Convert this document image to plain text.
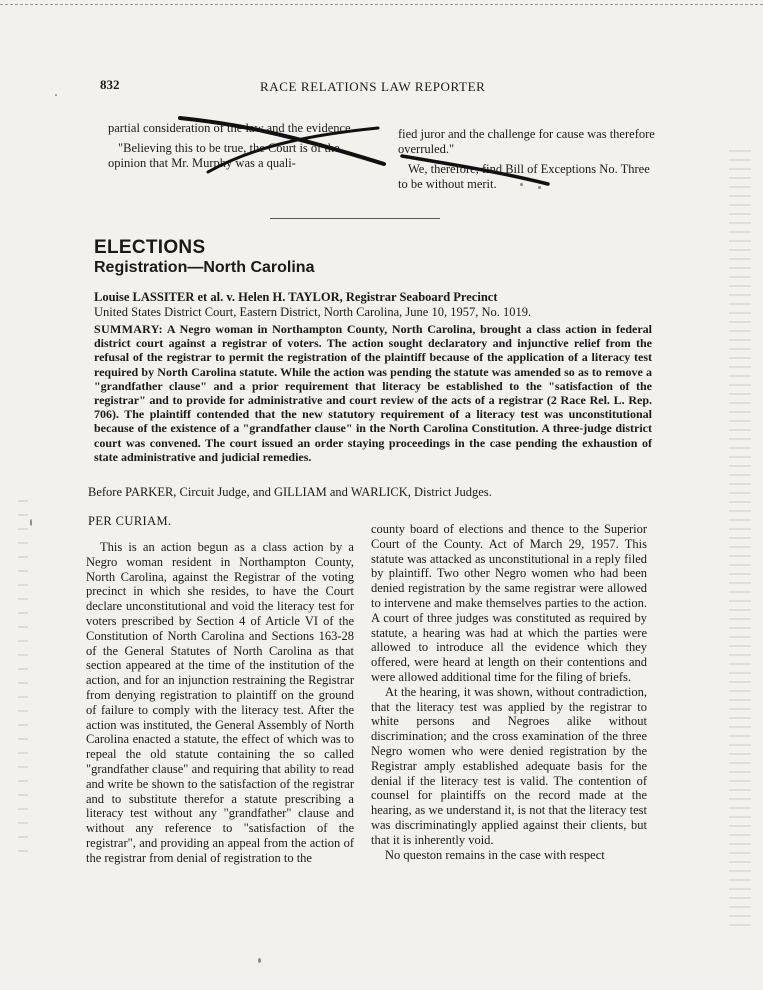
832	RACE RELATIONS LAW REPORTER

partial consideration of the law and the evidence.

"Believing this to be true, the Court is of the opinion that Mr. Murphy was a quali-

fied juror and the challenge for cause was therefore overruled."

We, therefore, find Bill of Exceptions No. Three to be without merit.

ELECTIONS
Registration—North Carolina
Louise LASSITER et al. v. Helen H. TAYLOR, Registrar Seaboard Precinct
United States District Court, Eastern District, North Carolina, June 10, 1957, No. 1019.
SUMMARY: A Negro woman in Northampton County, North Carolina, brought a class action in federal district court against a registrar of voters. The action sought declaratory and injunctive relief from the refusal of the registrar to permit the registration of the plaintiff because of the application of a literacy test required by North Carolina statute. While the action was pending the statute was amended so as to remove a "grandfather clause" and a prior requirement that literacy be established to the "satisfaction of the registrar" and to provide for administrative and court review of the acts of a registrar (2 Race Rel. L. Rep. 706). The plaintiff contended that the new statutory requirement of a literacy test was unconstitutional because of the existence of a "grandfather clause" in the North Carolina Constitution. A three-judge district court was convened. The court issued an order staying proceedings in the case pending the exhaustion of state administrative and judicial remedies.
Before PARKER, Circuit Judge, and GILLIAM and WARLICK, District Judges.
PER CURIAM.

This is an action begun as a class action by a Negro woman resident in Northampton County, North Carolina, against the Registrar of the voting precinct in which she resides, to have the Court declare unconstitutional and void the literacy test for voters prescribed by Section 4 of Article VI of the Constitution of North Carolina and Sections 163-28 of the General Statutes of North Carolina as that section appeared at the time of the institution of the action, and for an injunction restraining the Registrar from denying registration to plaintiff on the ground of failure to comply with the literacy test. After the action was instituted, the General Assembly of North Carolina enacted a statute, the effect of which was to repeal the old statute containing the so called "grandfather clause" and requiring that ability to read and write be shown to the satisfaction of the registrar and to substitute therefor a statute prescribing a literacy test without any "grandfather" clause and without any reference to "satisfaction of the registrar", and providing an appeal from the action of the registrar from denial of registration to the

county board of elections and thence to the Superior Court of the County. Act of March 29, 1957. This statute was attacked as unconstitutional in a reply filed by plaintiff. Two other Negro women who had been denied registration by the same registrar were allowed to intervene and make themselves parties to the action. A court of three judges was constituted as required by statute, a hearing was had at which the parties were allowed to introduce all the evidence which they offered, were heard at length on their contentions and were allowed additional time for the filing of briefs.

At the hearing, it was shown, without contradiction, that the literacy test was applied by the registrar to white persons and Negroes alike without discrimination; and the cross examination of the three Negro women who were denied registration by the Registrar amply established adequate basis for the denial if the literacy test is valid. The contention of counsel for plaintiffs on the record made at the hearing, as we understand it, is not that the literacy test was discriminatingly applied against their clients, but that it is inherently void.

No queston remains in the case with respect
